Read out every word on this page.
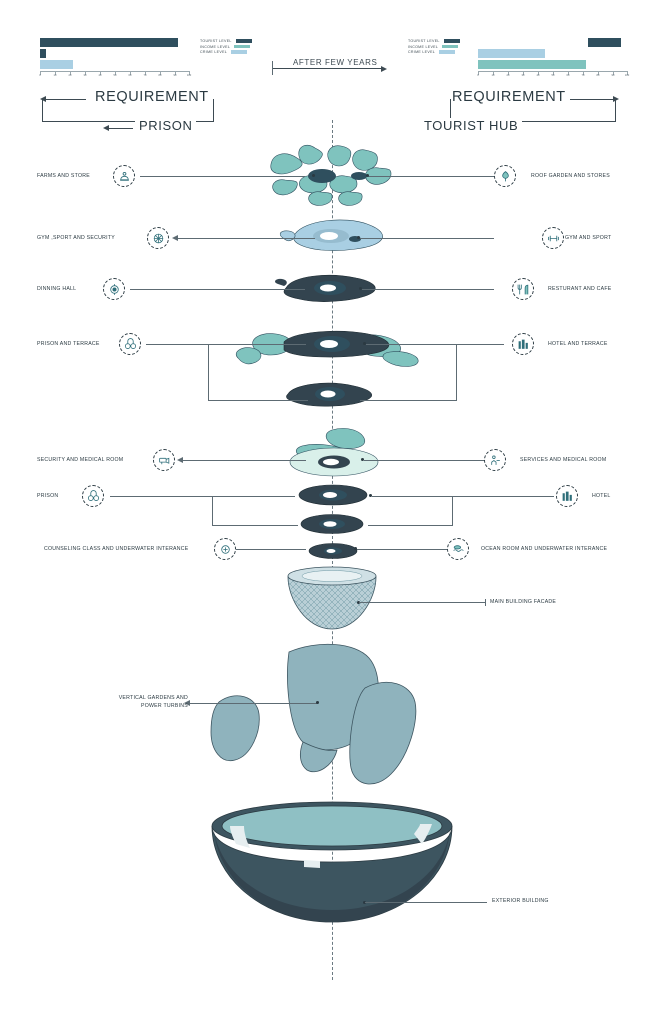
0	10	20	30	40	50	60	70	80	90	100
TOURIST LEVEL
INCOME LEVEL
CRIME LEVEL
TOURIST LEVEL
INCOME LEVEL
CRIME LEVEL
0	10	20	30	40	50	60	70	80	90	100
AFTER FEW YEARS
REQUIREMENT	REQUIREMENT
PRISON	TOURIST HUB
FARMS AND STORE
GYM ,SPORT AND SECURITY
DINNING HALL
PRISON AND TERRACE
SECURITY AND MEDICAL ROOM
PRISON
COUNSELING CLASS AND UNDERWATER INTERANCE
ROOF GARDEN AND STORES
GYM AND SPORT
RESTURANT AND CAFE
HOTEL AND TERRACE
SERVICES AND MEDICAL ROOM
HOTEL
OCEAN ROOM AND UNDERWATER INTERANCE
MAIN BUILDING FACADE
VERTICAL GARDENS AND
POWER TURBINS
EXTERIOR BUILDING
